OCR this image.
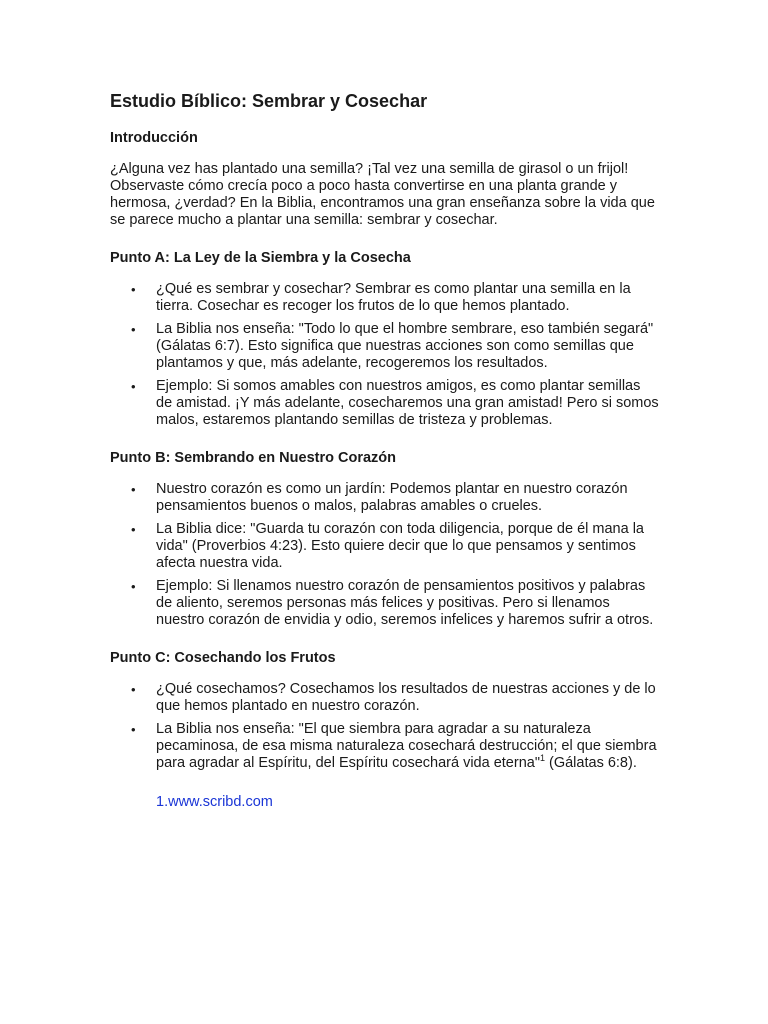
Estudio Bíblico: Sembrar y Cosechar
Introducción

¿Alguna vez has plantado una semilla? ¡Tal vez una semilla de girasol o un frijol! Observaste cómo crecía poco a poco hasta convertirse en una planta grande y hermosa, ¿verdad? En la Biblia, encontramos una gran enseñanza sobre la vida que se parece mucho a plantar una semilla: sembrar y cosechar.

Punto A: La Ley de la Siembra y la Cosecha
• ¿Qué es sembrar y cosechar? Sembrar es como plantar una semilla en la tierra. Cosechar es recoger los frutos de lo que hemos plantado.
• La Biblia nos enseña: "Todo lo que el hombre sembrare, eso también segará" (Gálatas 6:7). Esto significa que nuestras acciones son como semillas que plantamos y que, más adelante, recogeremos los resultados.
• Ejemplo: Si somos amables con nuestros amigos, es como plantar semillas de amistad. ¡Y más adelante, cosecharemos una gran amistad! Pero si somos malos, estaremos plantando semillas de tristeza y problemas.
Punto B: Sembrando en Nuestro Corazón
• Nuestro corazón es como un jardín: Podemos plantar en nuestro corazón pensamientos buenos o malos, palabras amables o crueles.
• La Biblia dice: "Guarda tu corazón con toda diligencia, porque de él mana la vida" (Proverbios 4:23). Esto quiere decir que lo que pensamos y sentimos afecta nuestra vida.
• Ejemplo: Si llenamos nuestro corazón de pensamientos positivos y palabras de aliento, seremos personas más felices y positivas. Pero si llenamos nuestro corazón de envidia y odio, seremos infelices y haremos sufrir a otros.
Punto C: Cosechando los Frutos
• ¿Qué cosechamos? Cosechamos los resultados de nuestras acciones y de lo que hemos plantado en nuestro corazón.
• La Biblia nos enseña: "El que siembra para agradar a su naturaleza pecaminosa, de esa misma naturaleza cosechará destrucción; el que siembra para agradar al Espíritu, del Espíritu cosechará vida eterna"$^1$ (Gálatas 6:8).
1.www.scribd.com
